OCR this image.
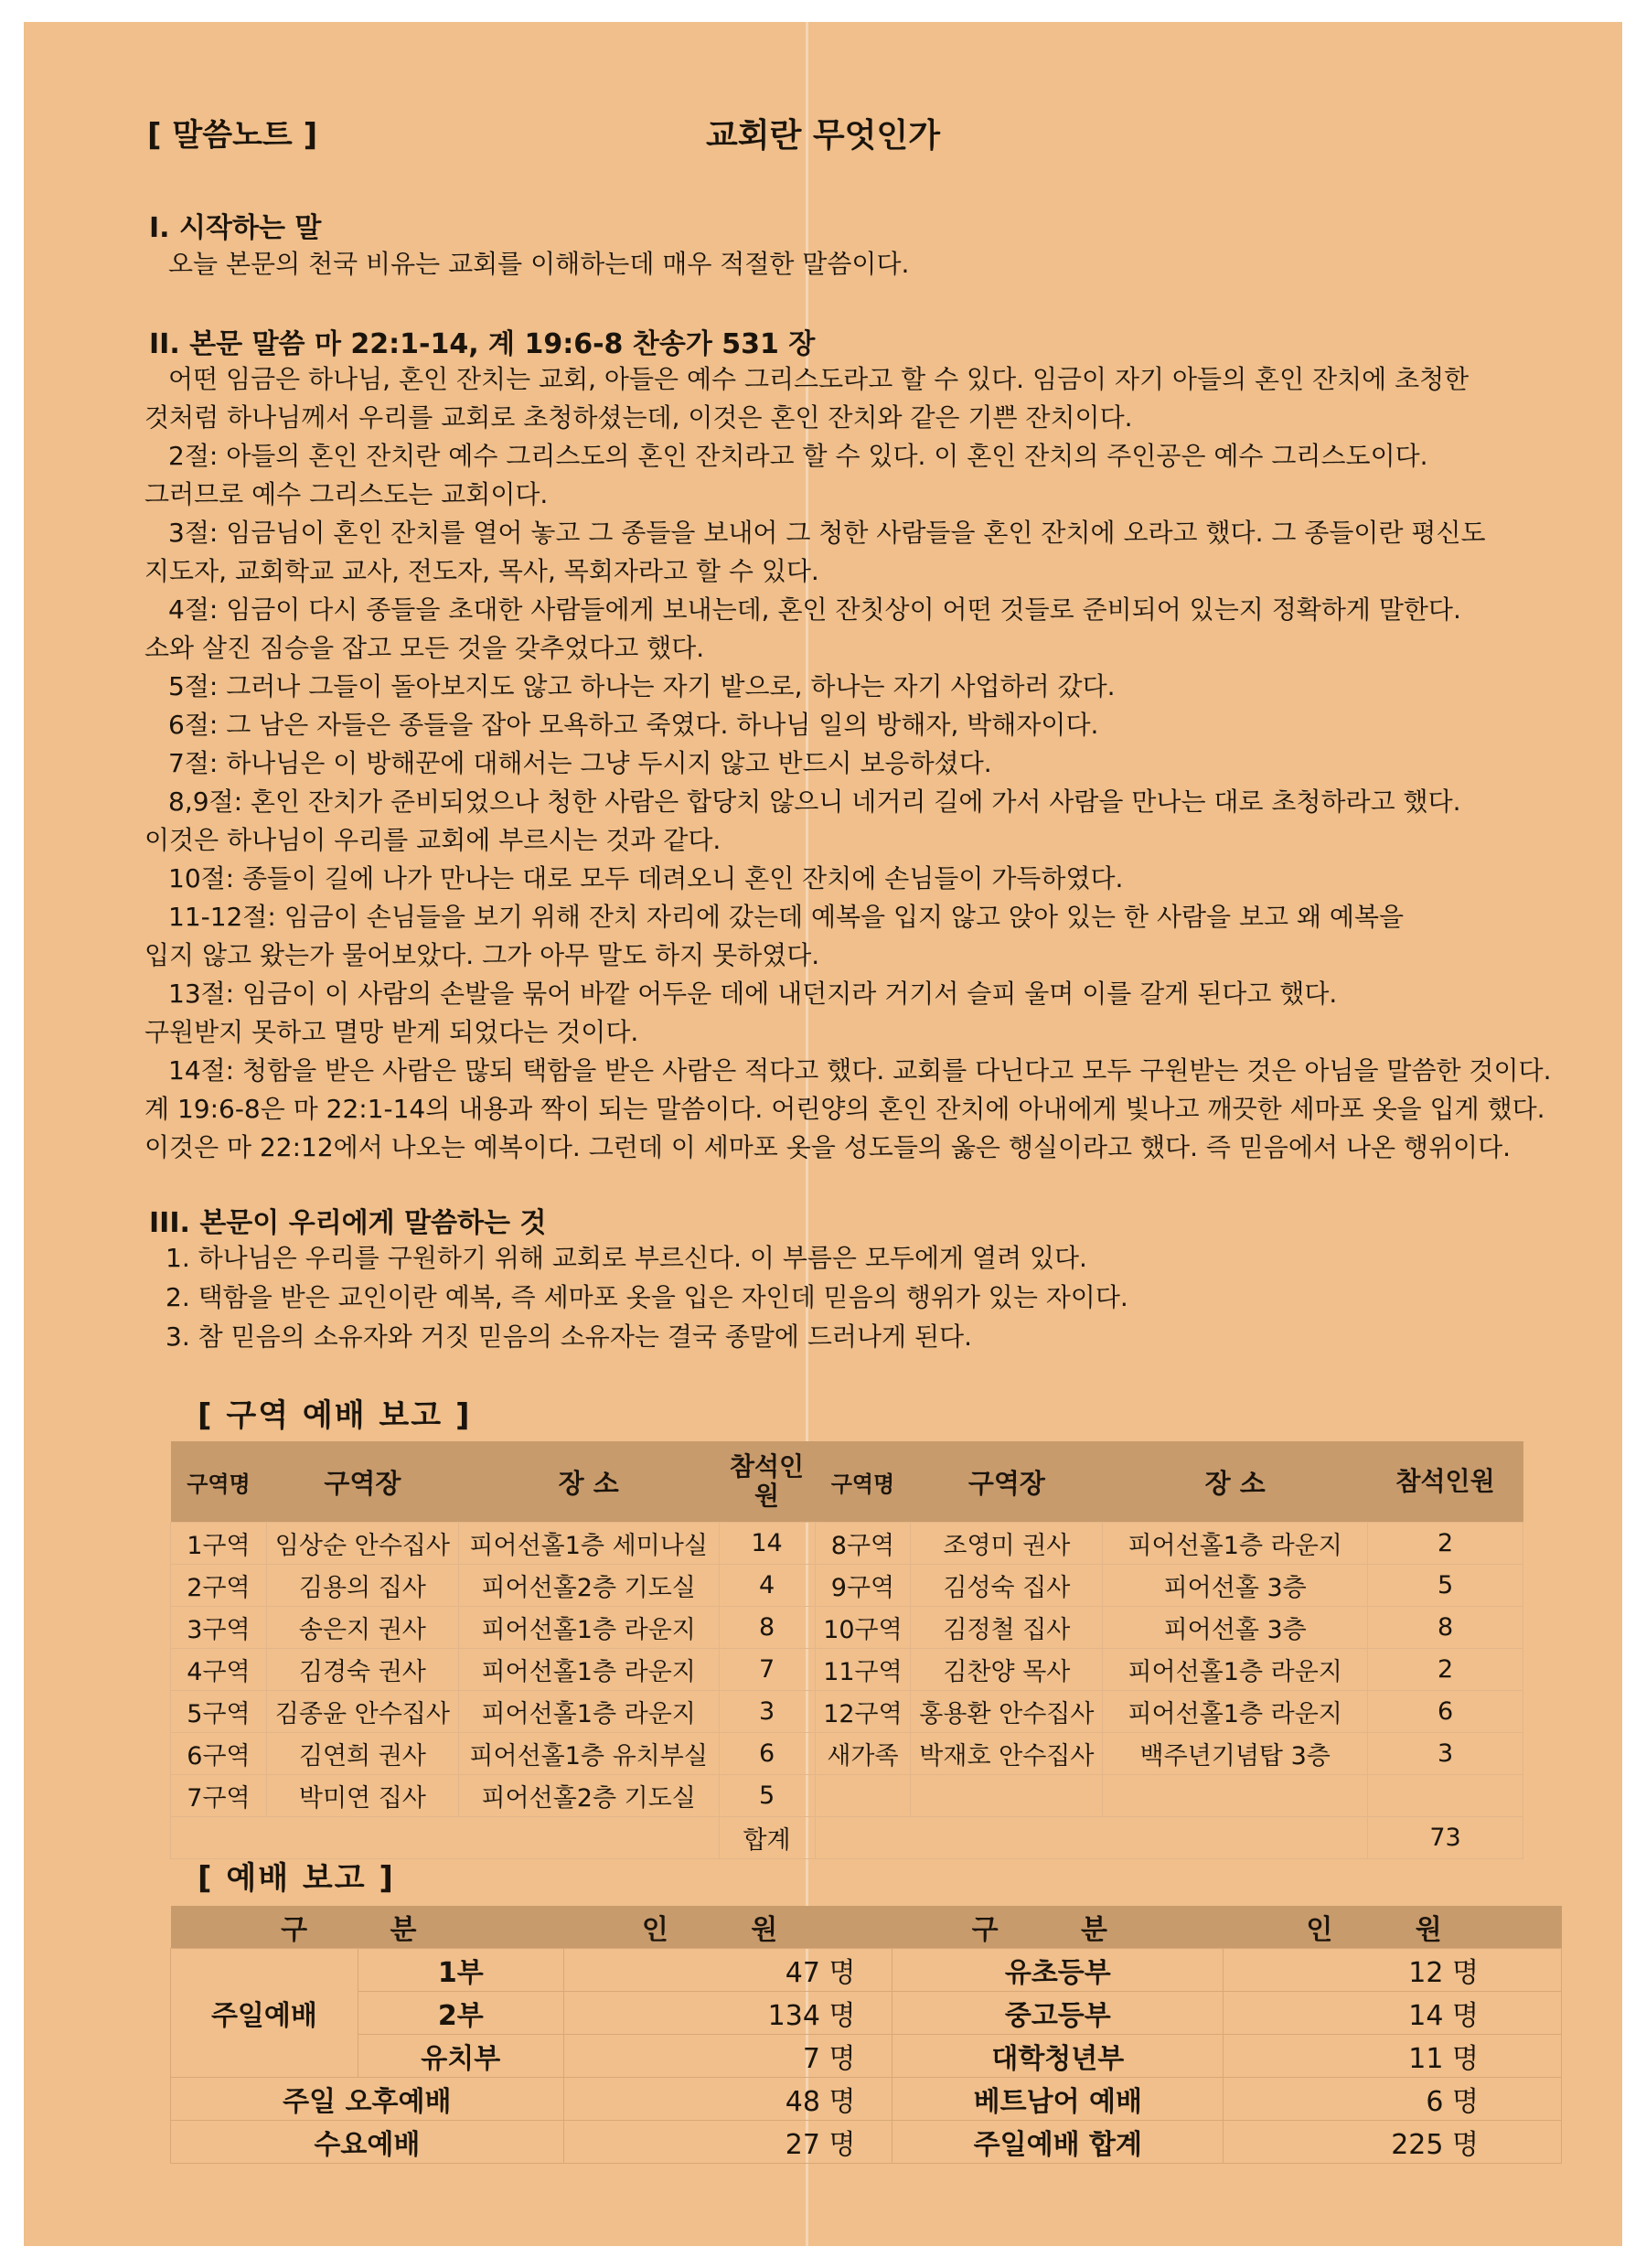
[ 말씀노트 ]	교회란 무엇인가
I. 시작하는 말

오늘 본문의 천국 비유는 교회를 이해하는데 매우 적절한 말씀이다.

II. 본문 말씀 마 22:1-14, 계 19:6-8 찬송가 531 장

어떤 임금은 하나님, 혼인 잔치는 교회, 아들은 예수 그리스도라고 할 수 있다. 임금이 자기 아들의 혼인 잔치에 초청한

것처럼 하나님께서 우리를 교회로 초청하셨는데, 이것은 혼인 잔치와 같은 기쁜 잔치이다.

2절: 아들의 혼인 잔치란 예수 그리스도의 혼인 잔치라고 할 수 있다. 이 혼인 잔치의 주인공은 예수 그리스도이다.

그러므로 예수 그리스도는 교회이다.

3절: 임금님이 혼인 잔치를 열어 놓고 그 종들을 보내어 그 청한 사람들을 혼인 잔치에 오라고 했다. 그 종들이란 평신도

지도자, 교회학교 교사, 전도자, 목사, 목회자라고 할 수 있다.

4절: 임금이 다시 종들을 초대한 사람들에게 보내는데, 혼인 잔칫상이 어떤 것들로 준비되어 있는지 정확하게 말한다.

소와 살진 짐승을 잡고 모든 것을 갖추었다고 했다.

5절: 그러나 그들이 돌아보지도 않고 하나는 자기 밭으로, 하나는 자기 사업하러 갔다.

6절: 그 남은 자들은 종들을 잡아 모욕하고 죽였다. 하나님 일의 방해자, 박해자이다.

7절: 하나님은 이 방해꾼에 대해서는 그냥 두시지 않고 반드시 보응하셨다.

8,9절: 혼인 잔치가 준비되었으나 청한 사람은 합당치 않으니 네거리 길에 가서 사람을 만나는 대로 초청하라고 했다.

이것은 하나님이 우리를 교회에 부르시는 것과 같다.

10절: 종들이 길에 나가 만나는 대로 모두 데려오니 혼인 잔치에 손님들이 가득하였다.

11-12절: 임금이 손님들을 보기 위해 잔치 자리에 갔는데 예복을 입지 않고 앉아 있는 한 사람을 보고 왜 예복을

입지 않고 왔는가 물어보았다. 그가 아무 말도 하지 못하였다.

13절: 임금이 이 사람의 손발을 묶어 바깥 어두운 데에 내던지라 거기서 슬피 울며 이를 갈게 된다고 했다.

구원받지 못하고 멸망 받게 되었다는 것이다.

14절: 청함을 받은 사람은 많되 택함을 받은 사람은 적다고 했다. 교회를 다닌다고 모두 구원받는 것은 아님을 말씀한 것이다.

계 19:6-8은 마 22:1-14의 내용과 짝이 되는 말씀이다. 어린양의 혼인 잔치에 아내에게 빛나고 깨끗한 세마포 옷을 입게 했다.

이것은 마 22:12에서 나오는 예복이다. 그런데 이 세마포 옷을 성도들의 옳은 행실이라고 했다. 즉 믿음에서 나온 행위이다.

III. 본문이 우리에게 말씀하는 것
1. 하나님은 우리를 구원하기 위해 교회로 부르신다. 이 부름은 모두에게 열려 있다.
2. 택함을 받은 교인이란 예복, 즉 세마포 옷을 입은 자인데 믿음의 행위가 있는 자이다.
3. 참 믿음의 소유자와 거짓 믿음의 소유자는 결국 종말에 드러나게 된다.
[ 구역 예배 보고 ]
구역명	구역장	장 소	참석인원	구역명	구역장	장 소	참석인원
1구역	임상순 안수집사	피어선홀1층 세미나실	14	8구역	조영미 권사	피어선홀1층 라운지	2
2구역	김용의 집사	피어선홀2층 기도실	4	9구역	김성숙 집사	피어선홀 3층	5
3구역	송은지 권사	피어선홀1층 라운지	8	10구역	김정철 집사	피어선홀 3층	8
4구역	김경숙 권사	피어선홀1층 라운지	7	11구역	김찬양 목사	피어선홀1층 라운지	2
5구역	김종윤 안수집사	피어선홀1층 라운지	3	12구역	홍용환 안수집사	피어선홀1층 라운지	6
6구역	김연희 권사	피어선홀1층 유치부실	6	새가족	박재호 안수집사	백주년기념탑 3층	3
7구역	박미연 집사	피어선홀2층 기도실	5				
			합계				73
[ 예배 보고 ]
구 분		인 원	구 분	인 원
주일예배	1부	47 명	유초등부	12 명
	2부	134 명	중고등부	14 명
	유치부	7 명	대학청년부	11 명
주일 오후예배		48 명	베트남어 예배	6 명
수요예배		27 명	주일예배 합계	225 명
